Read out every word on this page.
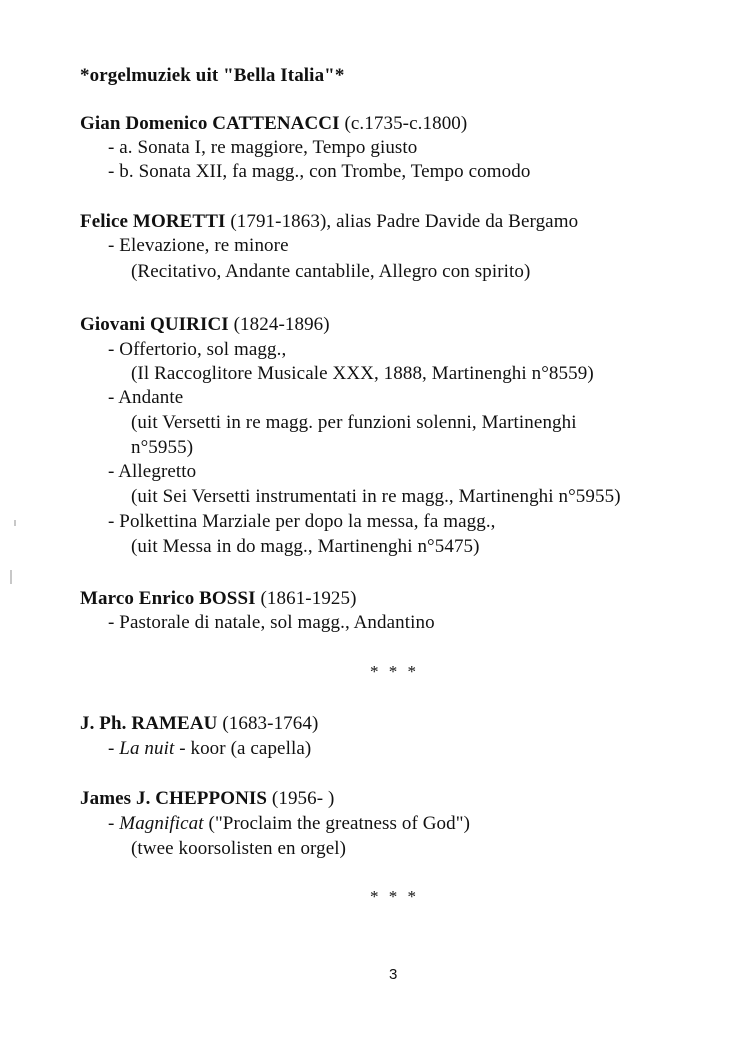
*orgelmuziek uit "Bella Italia"*
Gian Domenico CATTENACCI (c.1735-c.1800)
- a. Sonata I, re maggiore, Tempo giusto
- b. Sonata XII, fa magg., con Trombe, Tempo comodo
Felice MORETTI (1791-1863), alias Padre Davide da Bergamo
- Elevazione, re minore
(Recitativo, Andante cantablile, Allegro con spirito)
Giovani QUIRICI (1824-1896)
- Offertorio, sol magg.,
(Il Raccoglitore Musicale XXX, 1888, Martinenghi n°8559)
- Andante
(uit Versetti in re magg. per funzioni solenni, Martinenghi
n°5955)
- Allegretto
(uit Sei Versetti instrumentati in re magg., Martinenghi n°5955)
- Polkettina Marziale per dopo la messa, fa magg.,
(uit Messa in do magg., Martinenghi n°5475)
Marco Enrico BOSSI (1861-1925)
- Pastorale di natale, sol magg., Andantino
* * *
J. Ph. RAMEAU (1683-1764)
- La nuit - koor (a capella)
James J. CHEPPONIS (1956- )
- Magnificat ("Proclaim the greatness of God")
(twee koorsolisten en orgel)
* * *
3
